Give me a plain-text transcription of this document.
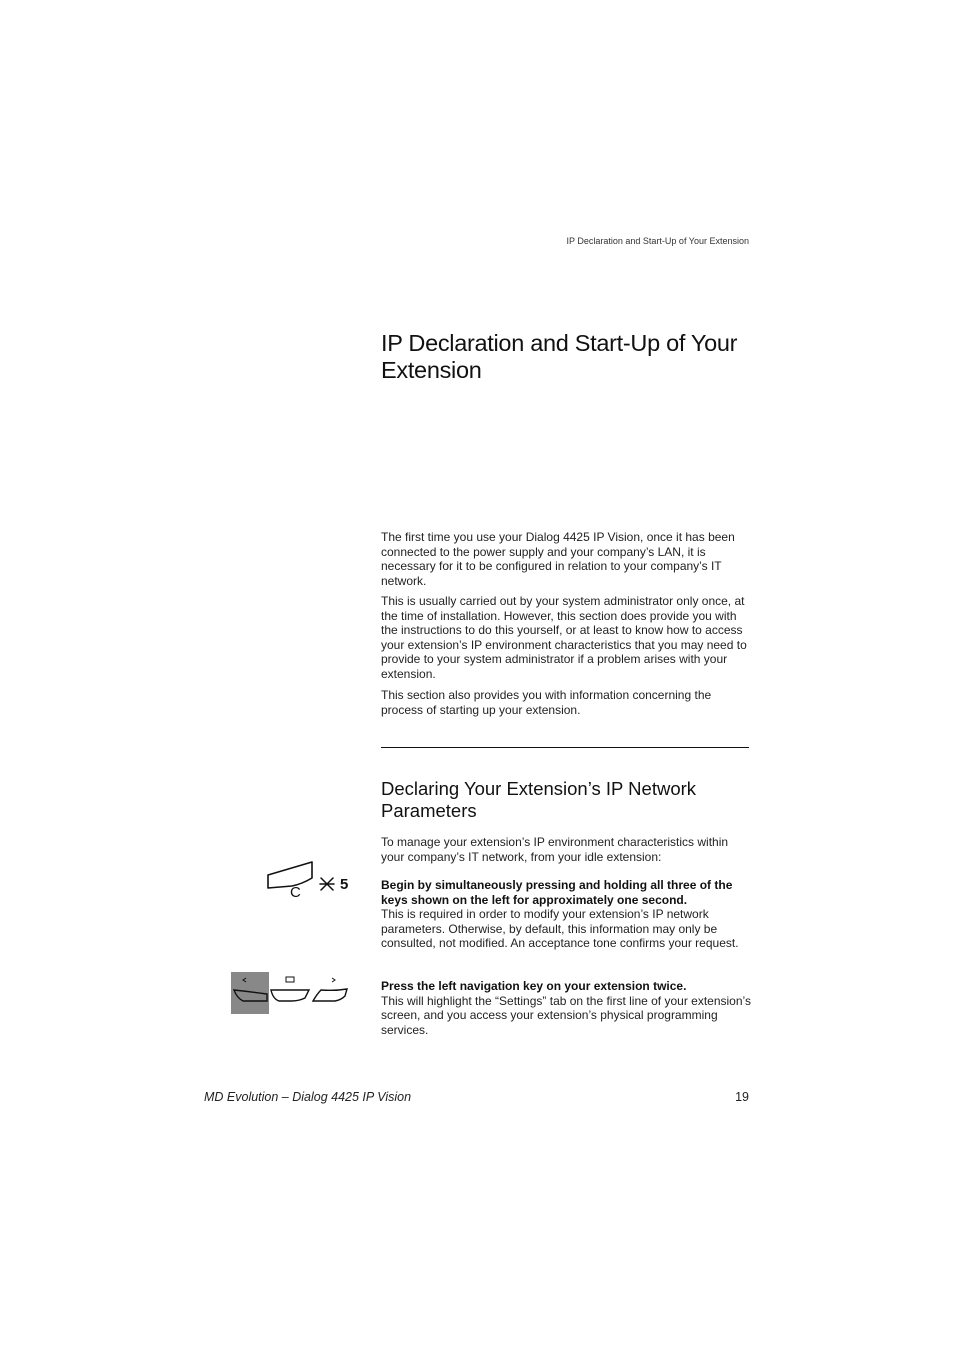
IP Declaration and Start-Up of Your Extension
IP Declaration and Start-Up of Your Extension

The first time you use your Dialog 4425 IP Vision, once it has been connected to the power supply and your company’s LAN, it is necessary for it to be configured in relation to your company’s IT network.

This is usually carried out by your system administrator only once, at the time of installation. However, this section does provide you with the instructions to do this yourself, or at least to know how to access your extension’s IP environment characteristics that you may need to provide to your system administrator if a problem arises with your extension.

This section also provides you with information concerning the process of starting up your extension.

Declaring Your Extension’s IP Network Parameters

To manage your extension’s IP environment characteristics within your company’s IT network, from your idle extension:

C	5	Begin by simultaneously pressing and holding all three of the keys shown on the left for approximately one second.
This is required in order to modify your extension’s IP network parameters. Otherwise, by default, this information may only be consulted, not modified. An acceptance tone confirms your request.

Press the left navigation key on your extension twice.
This will highlight the “Settings” tab on the first line of your extension’s screen, and you access your extension’s physical programming services.

MD Evolution – Dialog 4425 IP Vision	19
